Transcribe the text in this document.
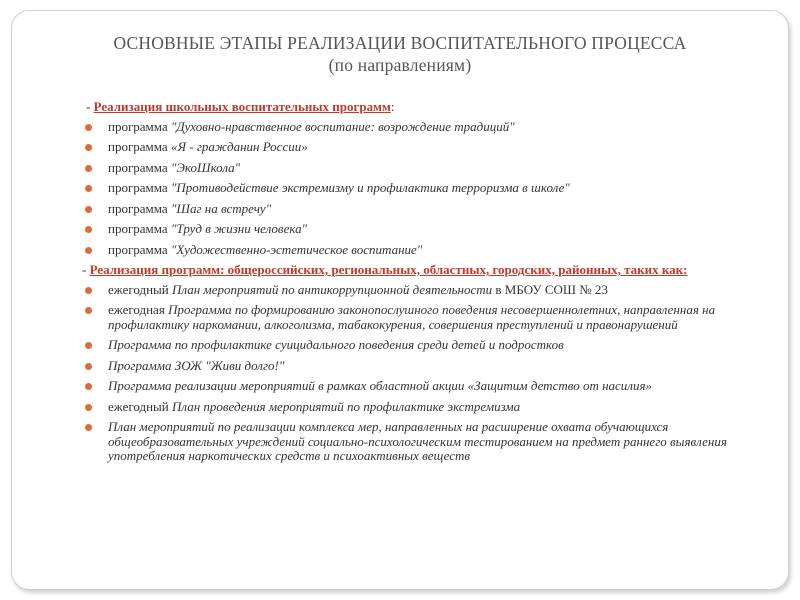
ОСНОВНЫЕ ЭТАПЫ РЕАЛИЗАЦИИ ВОСПИТАТЕЛЬНОГО ПРОЦЕССА
(по направлениям)
- Реализация школьных воспитательных программ:
программа "Духовно-нравственное воспитание: возрождение традиций"
программа «Я - гражданин России»
программа "ЭкоШкола"
программа "Противодействие экстремизму и профилактика терроризма в школе"
программа "Шаг на встречу"
программа "Труд в жизни человека"
программа "Художественно-эстетическое воспитание"
- Реализация программ: общероссийских, региональных, областных, городских, районных, таких как:
ежегодный План мероприятий по антикоррупционной деятельности в МБОУ СОШ № 23
ежегодная Программа по формированию законопослушного поведения несовершеннолетних, направленная на профилактику наркомании, алкоголизма, табакокурения, совершения преступлений и правонарушений
Программа по профилактике суицидального поведения среди детей и подростков
Программа ЗОЖ "Живи долго!"
Программа реализации мероприятий в рамках областной акции «Защитим детство от насилия»
ежегодный План проведения мероприятий по профилактике экстремизма
План мероприятий по реализации комплекса мер, направленных на расширение охвата обучающихся общеобразовательных учреждений социально-психологическим тестированием на предмет раннего выявления употребления наркотических средств и психоактивных веществ
